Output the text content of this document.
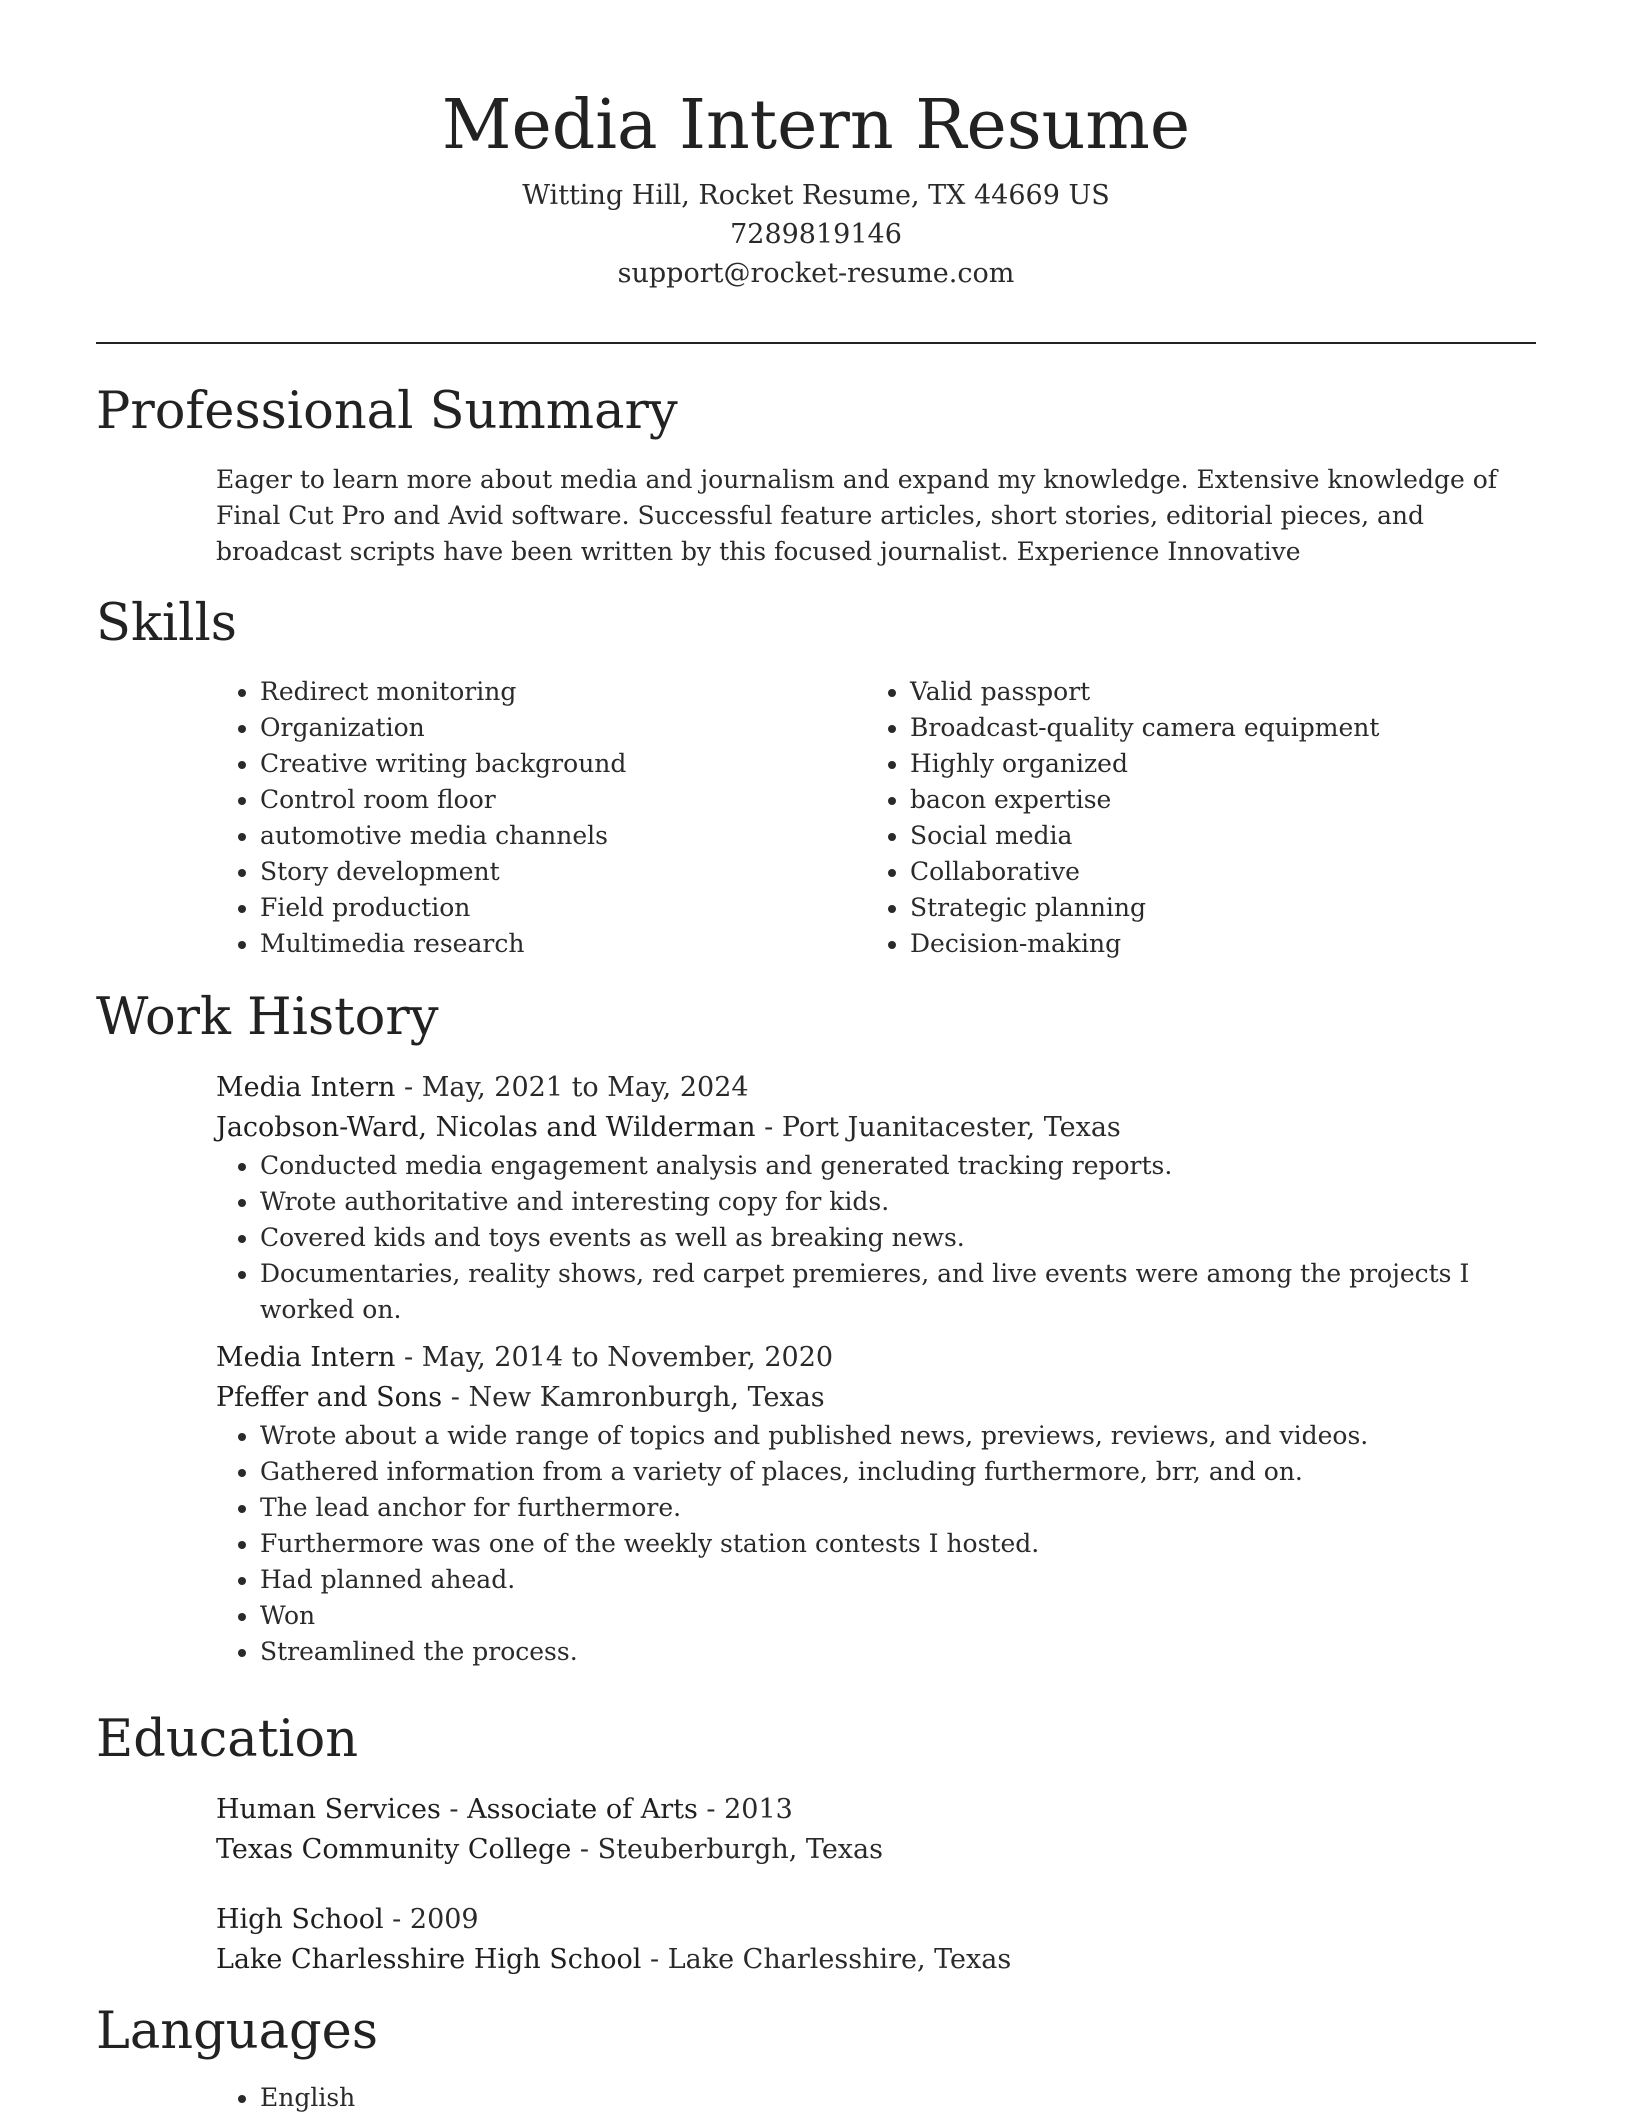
Media Intern Resume
Witting Hill, Rocket Resume, TX 44669 US
7289819146
support@rocket-resume.com
Professional Summary
Eager to learn more about media and journalism and expand my knowledge. Extensive knowledge of Final Cut Pro and Avid software. Successful feature articles, short stories, editorial pieces, and broadcast scripts have been written by this focused journalist. Experience Innovative
Skills
• Redirect monitoring
• Organization
• Creative writing background
• Control room floor
• automotive media channels
• Story development
• Field production
• Multimedia research
• Valid passport
• Broadcast-quality camera equipment
• Highly organized
• bacon expertise
• Social media
• Collaborative
• Strategic planning
• Decision-making
Work History
Media Intern - May, 2021 to May, 2024
Jacobson-Ward, Nicolas and Wilderman - Port Juanitacester, Texas
• Conducted media engagement analysis and generated tracking reports.
• Wrote authoritative and interesting copy for kids.
• Covered kids and toys events as well as breaking news.
• Documentaries, reality shows, red carpet premieres, and live events were among the projects I worked on.
Media Intern - May, 2014 to November, 2020
Pfeffer and Sons - New Kamronburgh, Texas
• Wrote about a wide range of topics and published news, previews, reviews, and videos.
• Gathered information from a variety of places, including furthermore, brr, and on.
• The lead anchor for furthermore.
• Furthermore was one of the weekly station contests I hosted.
• Had planned ahead.
• Won
• Streamlined the process.
Education
Human Services - Associate of Arts - 2013
Texas Community College - Steuberburgh, Texas
High School - 2009
Lake Charlesshire High School - Lake Charlesshire, Texas
Languages
• English
